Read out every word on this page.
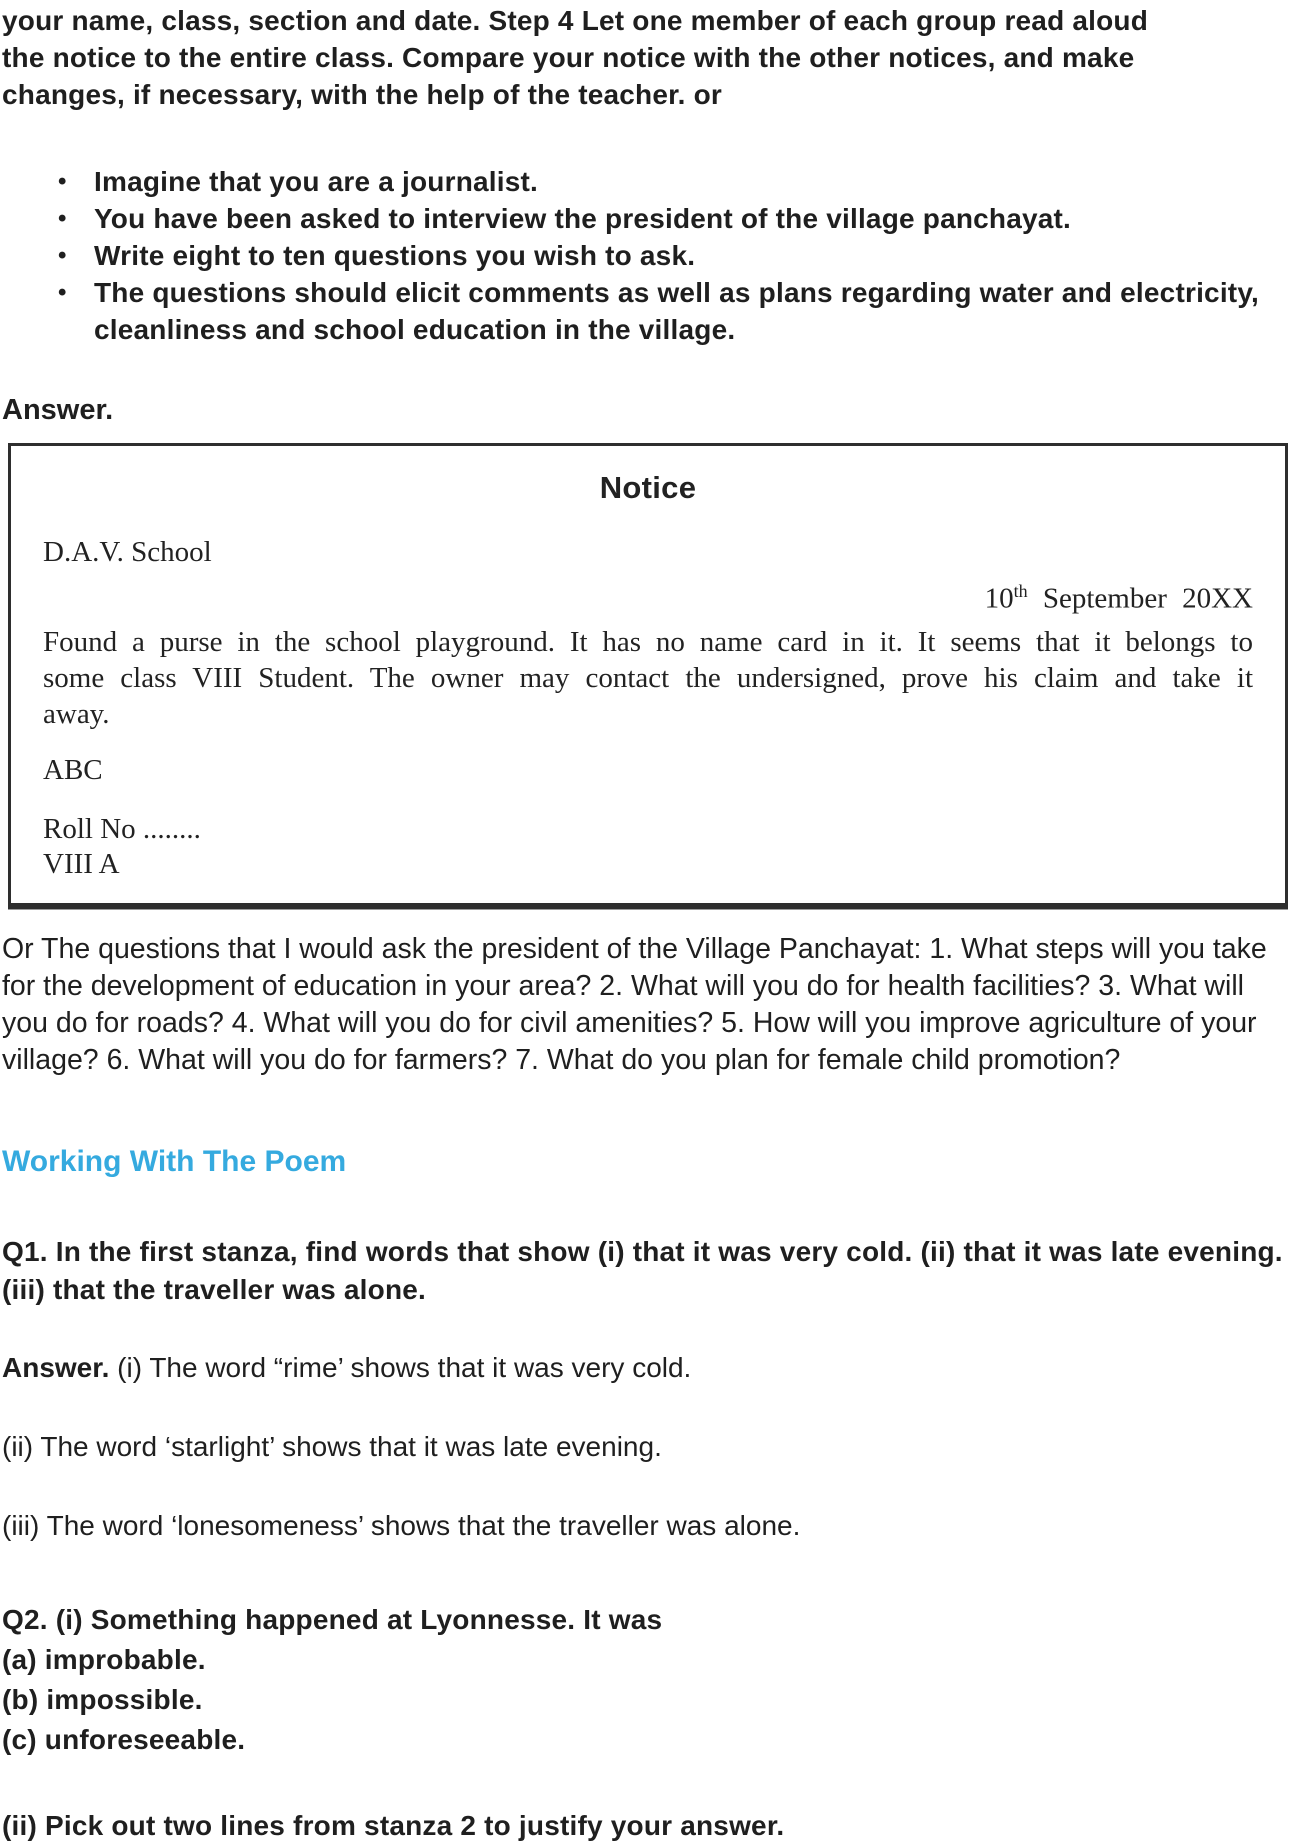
your name, class, section and date. Step 4 Let one member of each group read aloud the notice to the entire class. Compare your notice with the other notices, and make changes, if necessary, with the help of the teacher. or

• Imagine that you are a journalist.
• You have been asked to interview the president of the village panchayat.
• Write eight to ten questions you wish to ask.
• The questions should elicit comments as well as plans regarding water and electricity, cleanliness and school education in the village.
Answer.
Notice
D.A.V. School
10th September 20XX
Found a purse in the school playground. It has no name card in it. It seems that it belongs to some class VIII Student. The owner may contact the undersigned, prove his claim and take it away.
ABC
Roll No ........
VIII A

Or The questions that I would ask the president of the Village Panchayat: 1. What steps will you take for the development of education in your area? 2. What will you do for health facilities? 3. What will you do for roads? 4. What will you do for civil amenities? 5. How will you improve agriculture of your village? 6. What will you do for farmers? 7. What do you plan for female child promotion?

Working With The Poem

Q1. In the first stanza, find words that show (i) that it was very cold. (ii) that it was late evening. (iii) that the traveller was alone.

Answer. (i) The word “rime’ shows that it was very cold.
(ii) The word ‘starlight’ shows that it was late evening.
(iii) The word ‘lonesomeness’ shows that the traveller was alone.
Q2. (i) Something happened at Lyonnesse. It was
(a) improbable.
(b) impossible.
(c) unforeseeable.
(ii) Pick out two lines from stanza 2 to justify your answer.
